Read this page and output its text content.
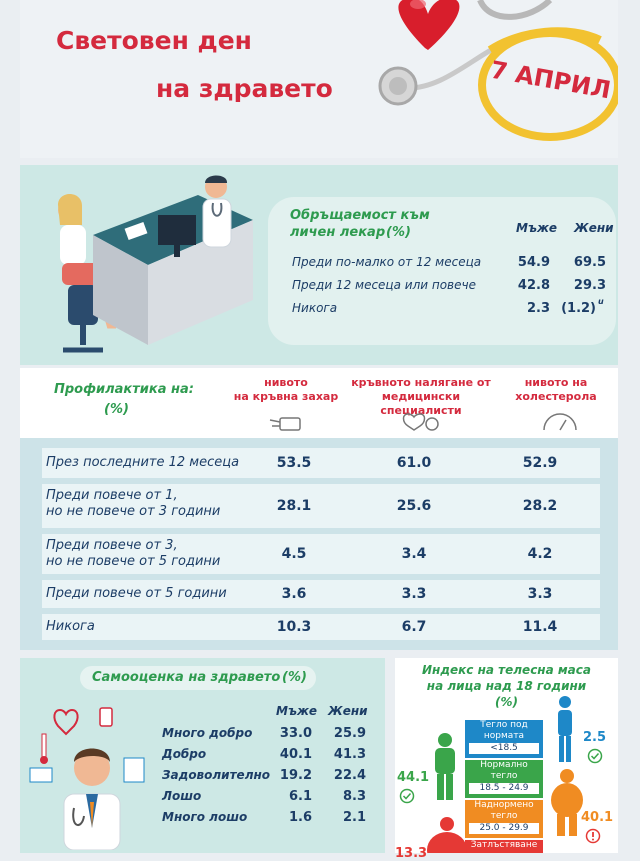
Световен ден
на здравето	7 АПРИЛ
Обръщаемост към
личен лекар (%)	Мъже Жени
Преди по-малко от 12 месеца	54.9	69.5
Преди 12 месеца или повече	42.8	29.3
Никога	2.3 (1.2) u
Профилактика на:
(%)
нивото
на кръвна захар
кръвното налягане от
медицински специалисти
нивото на
холестерола
През последните 12 месеца	53.5	61.0	52.9
Преди повече от 1,
но не повече от 3 години	28.1	25.6	28.2
Преди повече от 3,
но не повече от 5 години	4.5	3.4	4.2
Преди повече от 5 години	3.6	3.3	3.3
Никога	10.3	6.7	11.4
Самооценка на здравето (%)
Мъже Жени
Много добро	33.0	25.9
Добро	40.1	41.3
Задоволително 19.2	22.4
Лошо	6.1	8.3
Много лошо	1.6	2.1
Индекс на телесна маса
на лица над 18 години
(%)
Тегло под
нормата
<18.5
Нормално
тегло
18.5 - 24.9
Наднормено
тегло
25.0 - 29.9
Затлъстяване
2.5
44.1
40.1
13.3
